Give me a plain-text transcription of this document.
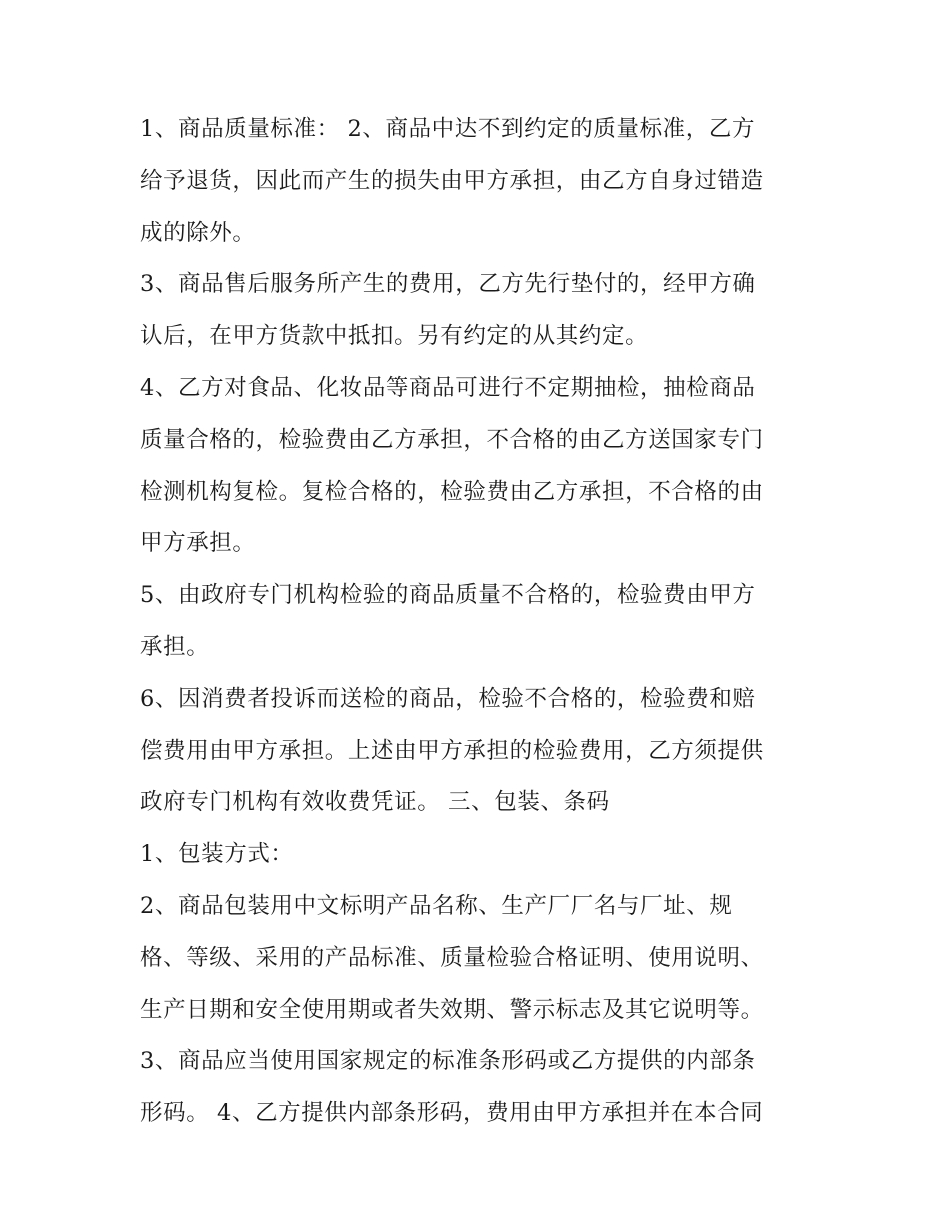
1、商品质量标准： 2、商品中达不到约定的质量标准，乙方
给予退货，因此而产生的损失由甲方承担，由乙方自身过错造
成的除外。
3、商品售后服务所产生的费用，乙方先行垫付的，经甲方确
认后，在甲方货款中抵扣。另有约定的从其约定。
4、乙方对食品、化妆品等商品可进行不定期抽检，抽检商品
质量合格的，检验费由乙方承担，不合格的由乙方送国家专门
检测机构复检。复检合格的，检验费由乙方承担，不合格的由
甲方承担。
5、由政府专门机构检验的商品质量不合格的，检验费由甲方
承担。
6、因消费者投诉而送检的商品，检验不合格的，检验费和赔
偿费用由甲方承担。上述由甲方承担的检验费用，乙方须提供
政府专门机构有效收费凭证。 三、包装、条码
1、包装方式：
2、商品包装用中文标明产品名称、生产厂厂名与厂址、规
格、等级、采用的产品标准、质量检验合格证明、使用说明、
生产日期和安全使用期或者失效期、警示标志及其它说明等。
3、商品应当使用国家规定的标准条形码或乙方提供的内部条
形码。 4、乙方提供内部条形码，费用由甲方承担并在本合同
